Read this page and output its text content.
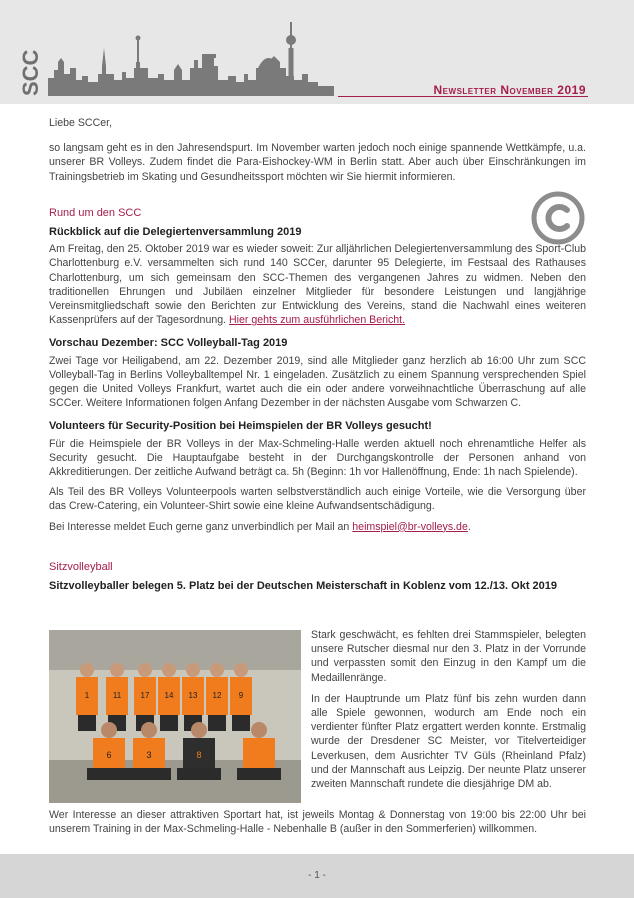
SCC	Newsletter November 2019

Liebe SCCer,

so langsam geht es in den Jahresendspurt. Im November warten jedoch noch einige spannende Wettkämpfe, u.a. unserer BR Volleys. Zudem findet die Para-Eishockey-WM in Berlin statt. Aber auch über Einschränkungen im Trainingsbetrieb im Skating und Gesundheitssport möchten wir Sie hiermit informieren.

Rund um den SCC

Rückblick auf die Delegiertenversammlung 2019

Am Freitag, den 25. Oktober 2019 war es wieder soweit: Zur alljährlichen Delegiertenversammlung des Sport-Club Charlottenburg e.V. versammelten sich rund 140 SCCer, darunter 95 Delegierte, im Festsaal des Rathauses Charlottenburg, um sich gemeinsam den SCC-Themen des vergangenen Jahres zu widmen. Neben den traditionellen Ehrungen und Jubiläen einzelner Mitglieder für besondere Leistungen und langjährige Vereinsmitgliedschaft sowie den Berichten zur Entwicklung des Vereins, stand die Nachwahl eines weiteren Kassenprüfers auf der Tagesordnung. Hier gehts zum ausführlichen Bericht.

Vorschau Dezember: SCC Volleyball-Tag 2019

Zwei Tage vor Heiligabend, am 22. Dezember 2019, sind alle Mitglieder ganz herzlich ab 16:00 Uhr zum SCC Volleyball-Tag in Berlins Volleyballtempel Nr. 1 eingeladen. Zusätzlich zu einem Spannung versprechenden Spiel gegen die United Volleys Frankfurt, wartet auch die ein oder andere vorweihnachtliche Überraschung auf alle SCCer. Weitere Informationen folgen Anfang Dezember in der nächsten Ausgabe vom Schwarzen C.

Volunteers für Security-Position bei Heimspielen der BR Volleys gesucht!

Für die Heimspiele der BR Volleys in der Max-Schmeling-Halle werden aktuell noch ehrenamtliche Helfer als Security gesucht. Die Hauptaufgabe besteht in der Durchgangskontrolle der Personen anhand von Akkreditierungen. Der zeitliche Aufwand beträgt ca. 5h (Beginn: 1h vor Hallenöffnung, Ende: 1h nach Spielende).

Als Teil des BR Volleys Volunteerpools warten selbstverständlich auch einige Vorteile, wie die Versorgung über das Crew-Catering, ein Volunteer-Shirt sowie eine kleine Aufwandsentschädigung.

Bei Interesse meldet Euch gerne ganz unverbindlich per Mail an heimspiel@br-volleys.de.

Sitzvolleyball

Sitzvolleyballer belegen 5. Platz bei der Deutschen Meisterschaft in Koblenz vom 12./13. Okt 2019

1	11 17 14 13 12 9
6	3	8

Stark geschwächt, es fehlten drei Stammspieler, belegten unsere Rutscher diesmal nur den 3. Platz in der Vorrunde und verpassten somit den Einzug in den Kampf um die Medaillenränge.

In der Hauptrunde um Platz fünf bis zehn wurden dann alle Spiele gewonnen, wodurch am Ende noch ein verdienter fünfter Platz ergattert werden konnte. Erstmalig wurde der Dresdener SC Meister, vor Titelverteidiger Leverkusen, dem Ausrichter TV Güls (Rheinland Pfalz) und der Mannschaft aus Leipzig. Der neunte Platz unserer zweiten Mannschaft rundete die diesjährige DM ab.

Wer Interesse an dieser attraktiven Sportart hat, ist jeweils Montag & Donnerstag von 19:00 bis 22:00 Uhr bei unserem Training in der Max-Schmeling-Halle - Nebenhalle B (außer in den Sommerferien) willkommen.
- 1 -
